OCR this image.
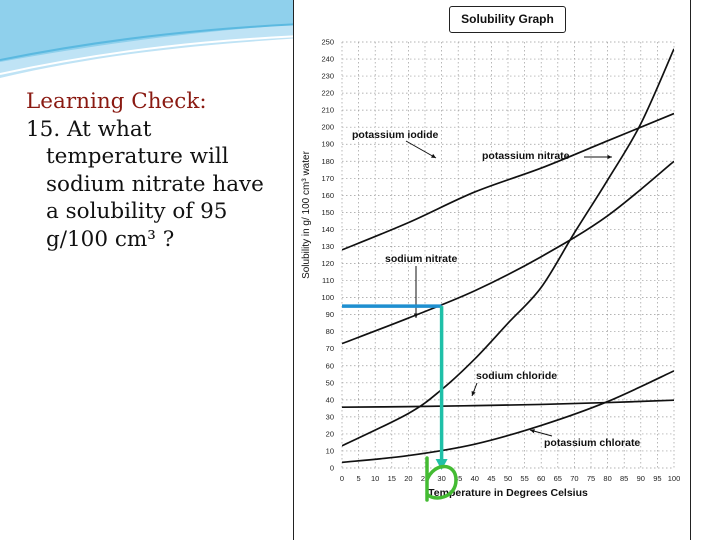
Learning Check:
15. At what
temperature will
sodium nitrate have
a solubility of 95
g/100 cm³ ?
0 5 10 15 20 25 30 35 40 45 50 55 60 65 70 75 80 85 90 95 100
0
10
20
30
40
50
60
70
80
90
100
110
120
130
140
150
160
170
180
190
200
210
220
230
240
250
Temperature in Degrees Celsius
Solubility in g/ 100 cm³ water
potassium iodide
potassium nitrate
sodium nitrate
sodium chloride
potassium chlorate
Solubility Graph
